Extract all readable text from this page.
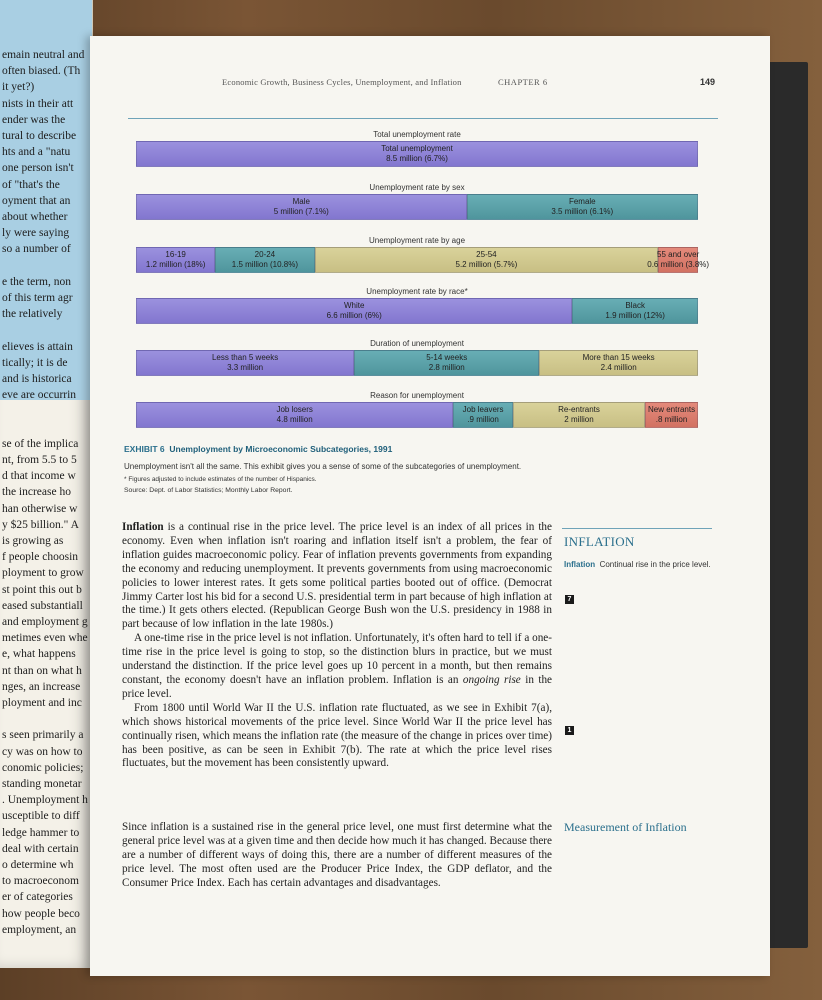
emain neutral and
often biased. (Th
it yet?)
nists in their att
ender was the
tural to describe
hts and a "natu
one person isn't
of "that's the
oyment that an
about whether
ly were saying
so a number of
e the term, non
of this term agr
the relatively
elieves is attain
tically; it is de
and is historica
eve are occurrin
se of the implica
nt, from 5.5 to 5
d that income w
the increase ho
han otherwise w
y $25 billion." A
is growing as
f people choosin
ployment to grow
st point this out b
eased substantiall
and employment g
metimes even whe
e, what happens
nt than on what h
nges, an increase
ployment and inc
s seen primarily a
cy was on how to
conomic policies;
standing monetar
. Unemployment h
usceptible to diff
ledge hammer to
deal with certain
o determine wh
to macroeconom
er of categories
how people beco
employment, an
Economic Growth, Business Cycles, Unemployment, and Inflation	CHAPTER 6	149
Total unemployment rate
Total unemployment
8.5 million (6.7%)
Unemployment rate by sex
Male
5 million (7.1%)
Female
3.5 million (6.1%)
Unemployment rate by age
16-19
1.2 million (18%)
20-24
1.5 million (10.8%)
25-54
5.2 million (5.7%)
55 and over
0.6 million (3.8%)
Unemployment rate by race*
White
6.6 million (6%)
Black
1.9 million (12%)
Duration of unemployment
Less than 5 weeks
3.3 million
5-14 weeks
2.8 million
More than 15 weeks
2.4 million
Reason for unemployment
Job losers
4.8 million
Job leavers
.9 million
Re-entrants
2 million
New entrants
.8 million
EXHIBIT 6 Unemployment by Microeconomic Subcategories, 1991
Unemployment isn't all the same. This exhibit gives you a sense of some of the subcategories of unemployment.
* Figures adjusted to include estimates of the number of Hispanics.
Source: Dept. of Labor Statistics; Monthly Labor Report.

Inflation is a continual rise in the price level. The price level is an index of all prices in the economy. Even when inflation isn't roaring and inflation itself isn't a problem, the fear of inflation guides macroeconomic policy. Fear of inflation prevents governments from expanding the economy and reducing unemployment. It prevents governments from using macroeconomic policies to lower interest rates. It gets some political parties booted out of office. (Democrat Jimmy Carter lost his bid for a second U.S. presidential term in part because of high inflation at the time.) It gets others elected. (Republican George Bush won the U.S. presidency in 1988 in part because of low inflation in the late 1980s.)

A one-time rise in the price level is not inflation. Unfortunately, it's often hard to tell if a one-time rise in the price level is going to stop, so the distinction blurs in practice, but we must understand the distinction. If the price level goes up 10 percent in a month, but then remains constant, the economy doesn't have an inflation problem. Inflation is an ongoing rise in the price level.

From 1800 until World War II the U.S. inflation rate fluctuated, as we see in Exhibit 7(a), which shows historical movements of the price level. Since World War II the price level has continually risen, which means the inflation rate (the measure of the change in prices over time) has been positive, as can be seen in Exhibit 7(b). The rate at which the price level rises fluctuates, but the movement has been consistently upward.

Since inflation is a sustained rise in the general price level, one must first determine what the general price level was at a given time and then decide how much it has changed. Because there are a number of different ways of doing this, there are a number of different measures of the price level. The most often used are the Producer Price Index, the GDP deflator, and the Consumer Price Index. Each has certain advantages and disadvantages.

INFLATION
Inflation Continual rise in the price level.
7
1
Measurement of Inflation
